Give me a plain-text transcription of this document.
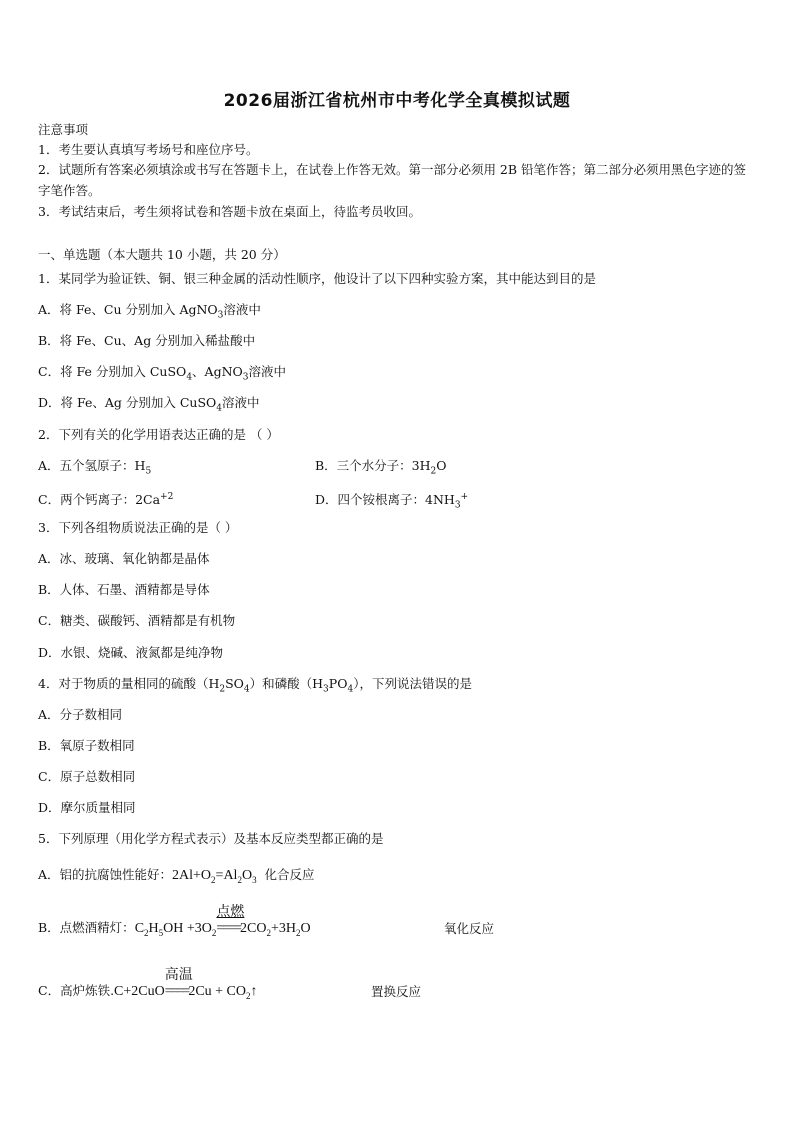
2026届浙江省杭州市中考化学全真模拟试题
注意事项
1．考生要认真填写考场号和座位序号。
2．试题所有答案必须填涂或书写在答题卡上，在试卷上作答无效。第一部分必须用 2B 铅笔作答；第二部分必须用黑色字迹的签字笔作答。
3．考试结束后，考生须将试卷和答题卡放在桌面上，待监考员收回。
一、单选题（本大题共 10 小题，共 20 分）
1．某同学为验证铁、铜、银三种金属的活动性顺序，他设计了以下四种实验方案，其中能达到目的是
A．将 Fe、Cu 分别加入 AgNO$_3$溶液中
B．将 Fe、Cu、Ag 分别加入稀盐酸中
C．将 Fe 分别加入 CuSO$_4$、AgNO$_3$溶液中
D．将 Fe、Ag 分别加入 CuSO$_4$溶液中
2．下列有关的化学用语表达正确的是 （ ）
A．五个氢原子：$H_5$	B．三个水分子：$3H_2O$
C．两个钙离子：$2Ca^{+2}$	D．四个铵根离子：$4NH_3^+$
3．下列各组物质说法正确的是（ ）
A．冰、玻璃、氧化钠都是晶体
B．人体、石墨、酒精都是导体
C．糖类、碳酸钙、酒精都是有机物
D．水银、烧碱、液氮都是纯净物
4．对于物质的量相同的硫酸$(H_2SO_4)$和磷酸$(H_3PO_4)$，下列说法错误的是
A．分子数相同
B．氧原子数相同
C．原子总数相同
D．摩尔质量相同
5．下列原理（用化学方程式表示）及基本反应类型都正确的是
A．铝的抗腐蚀性能好：$2Al+O_2=Al_2O_3$ 化合反应
B．点燃酒精灯：$C_2H_5OH +3O_2$
点燃
$====2CO_2+3H_2O$	氧化反应
C．高炉炼铁.C+2CuO
高温
$====2Cu + CO_2↑$	置换反应
